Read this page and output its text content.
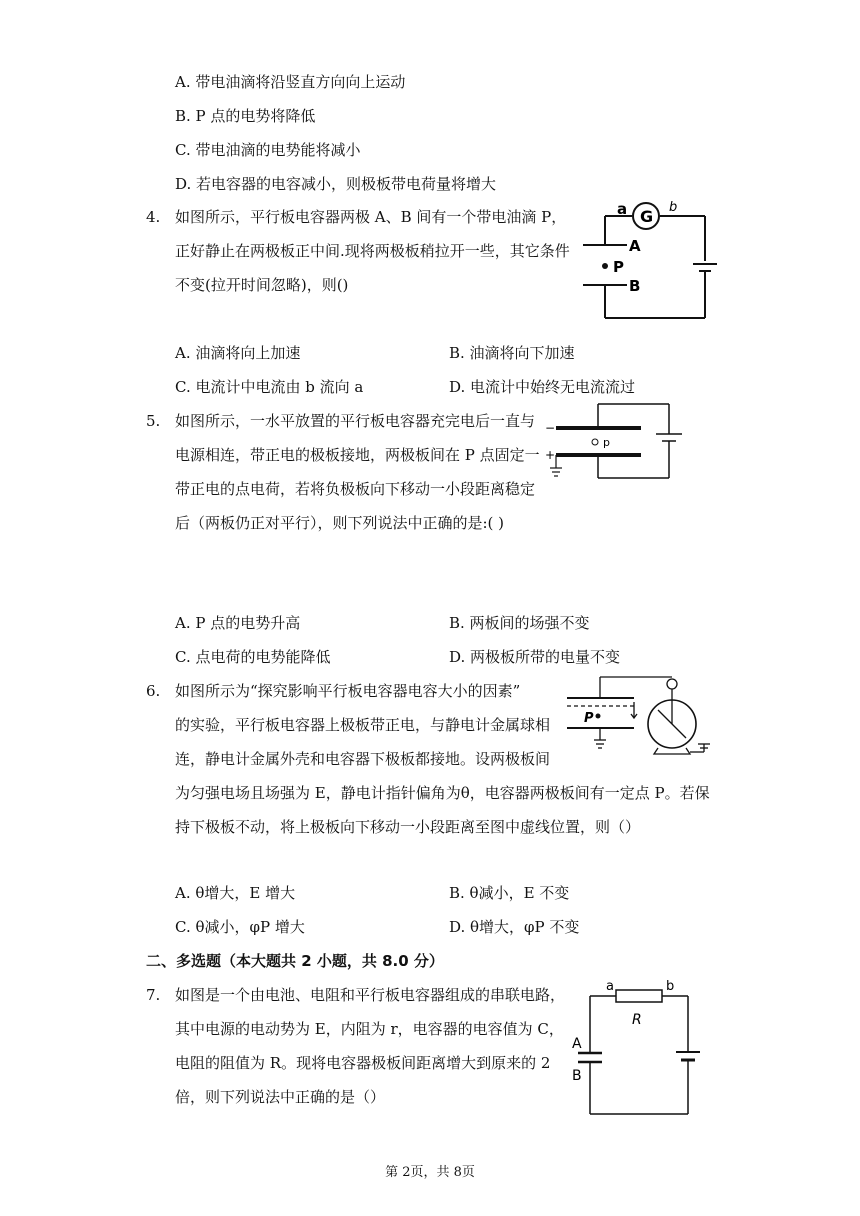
A. 带电油滴将沿竖直方向向上运动
B. P 点的电势将降低
C. 带电油滴的电势能将减小
D. 若电容器的电容减小，则极板带电荷量将增大
4. 如图所示，平行板电容器两极 A、B 间有一个带电油滴 P，
正好静止在两极板正中间.现将两极板稍拉开一些，其它条件
不变(拉开时间忽略)，则()
a G b
A
P
B
A. 油滴将向上加速	B. 油滴将向下加速
C. 电流计中电流由 b 流向 a	D. 电流计中始终无电流流过
5. 如图所示，一水平放置的平行板电容器充完电后一直与
电源相连，带正电的极板接地，两极板间在 P 点固定一
带正电的点电荷，若将负极板向下移动一小段距离稳定
后（两板仍正对平行），则下列说法中正确的是:( )
−
+
p
A. P 点的电势升高	B. 两板间的场强不变
C. 点电荷的电势能降低	D. 两极板所带的电量不变
6. 如图所示为“探究影响平行板电容器电容大小的因素”
的实验，平行板电容器上极板带正电，与静电计金属球相
连，静电计金属外壳和电容器下极板都接地。设两极板间
为匀强电场且场强为 E，静电计指针偏角为θ，电容器两极板间有一定点 P。若保
持下极板不动，将上极板向下移动一小段距离至图中虚线位置，则（）
P
A. θ增大，E 增大	B. θ减小，E 不变
C. θ减小，φP 增大	D. θ增大，φP 不变
二、多选题（本大题共 2 小题，共 8.0 分）
7. 如图是一个由电池、电阻和平行板电容器组成的串联电路，
其中电源的电动势为 E，内阻为 r，电容器的电容值为 C，
电阻的阻值为 R。现将电容器极板间距离增大到原来的 2
倍，则下列说法中正确的是（）
a	b
R
A
B
第 2页，共 8页
